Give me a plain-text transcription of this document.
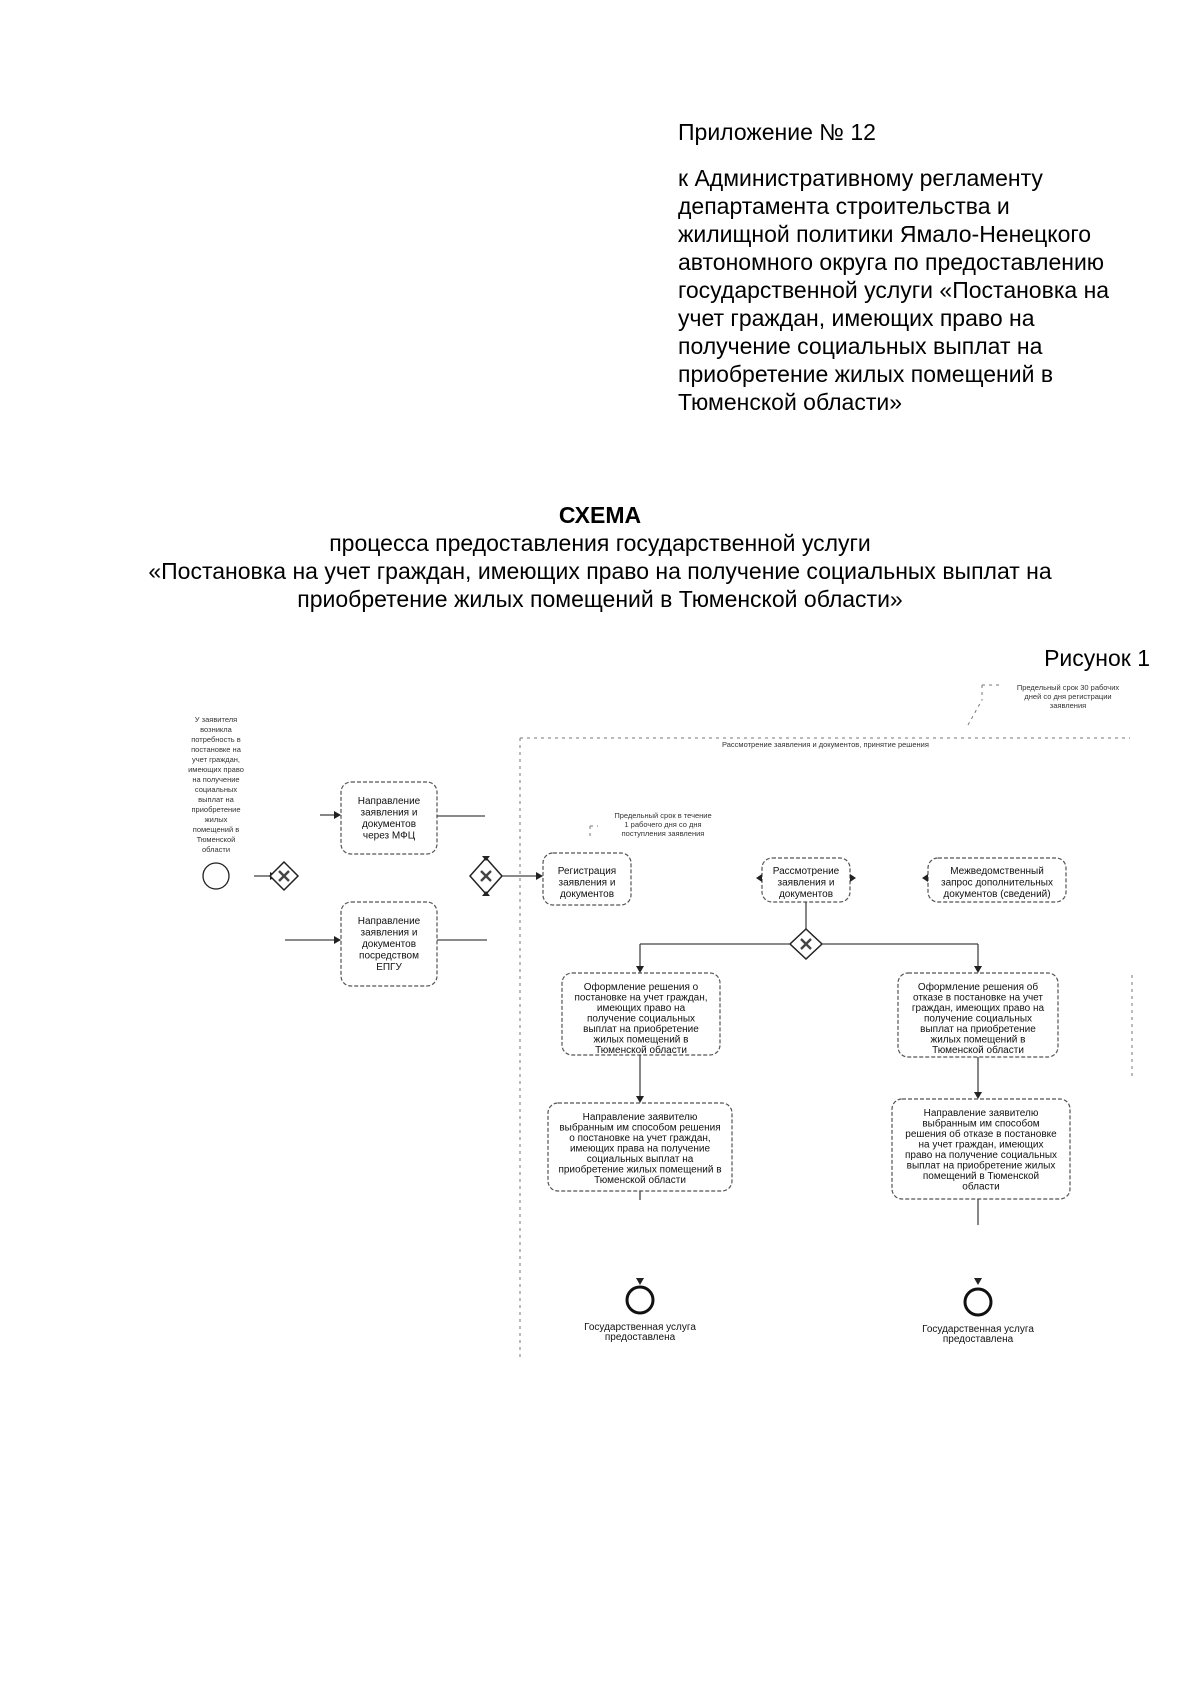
Приложение № 12
к Административному регламенту
департамента строительства и
жилищной политики Ямало-Ненецкого
автономного округа по предоставлению
государственной услуги «Постановка на
учет граждан, имеющих право на
получение социальных выплат на
приобретение жилых помещений в
Тюменской области»
СХЕМА
процесса предоставления государственной услуги
«Постановка на учет граждан, имеющих право на получение социальных выплат на
приобретение жилых помещений в Тюменской области»
Рисунок 1
Рассмотрение заявления и документов, принятие решения
Предельный срок 30 рабочих
дней со дня регистрации
заявления
У заявителя
возникла
потребность в
постановке на
учет граждан,
имеющих право
на получение
социальных
выплат на
приобретение
жилых
помещений в
Тюменской
области
Направление
заявления и
документов
через МФЦ
Направление
заявления и
документов
посредством
ЕПГУ
Регистрация
заявления и
документов
Предельный срок в течение
1 рабочего дня со дня
поступления заявления
Рассмотрение
заявления и
документов
Межведомственный
запрос дополнительных
документов (сведений)
Оформление решения о
постановке на учет граждан,
имеющих право на
получение социальных
выплат на приобретение
жилых помещений в
Тюменской области
Оформление решения об
отказе в постановке на учет
граждан, имеющих право на
получение социальных
выплат на приобретение
жилых помещений в
Тюменской области
Направление заявителю
выбранным им способом решения
о постановке на учет граждан,
имеющих права на получение
социальных выплат на
приобретение жилых помещений в
Тюменской области
Направление заявителю
выбранным им способом
решения об отказе в постановке
на учет граждан, имеющих
право на получение социальных
выплат на приобретение жилых
помещений в Тюменской
области
Государственная услуга
предоставлена
Государственная услуга
предоставлена
